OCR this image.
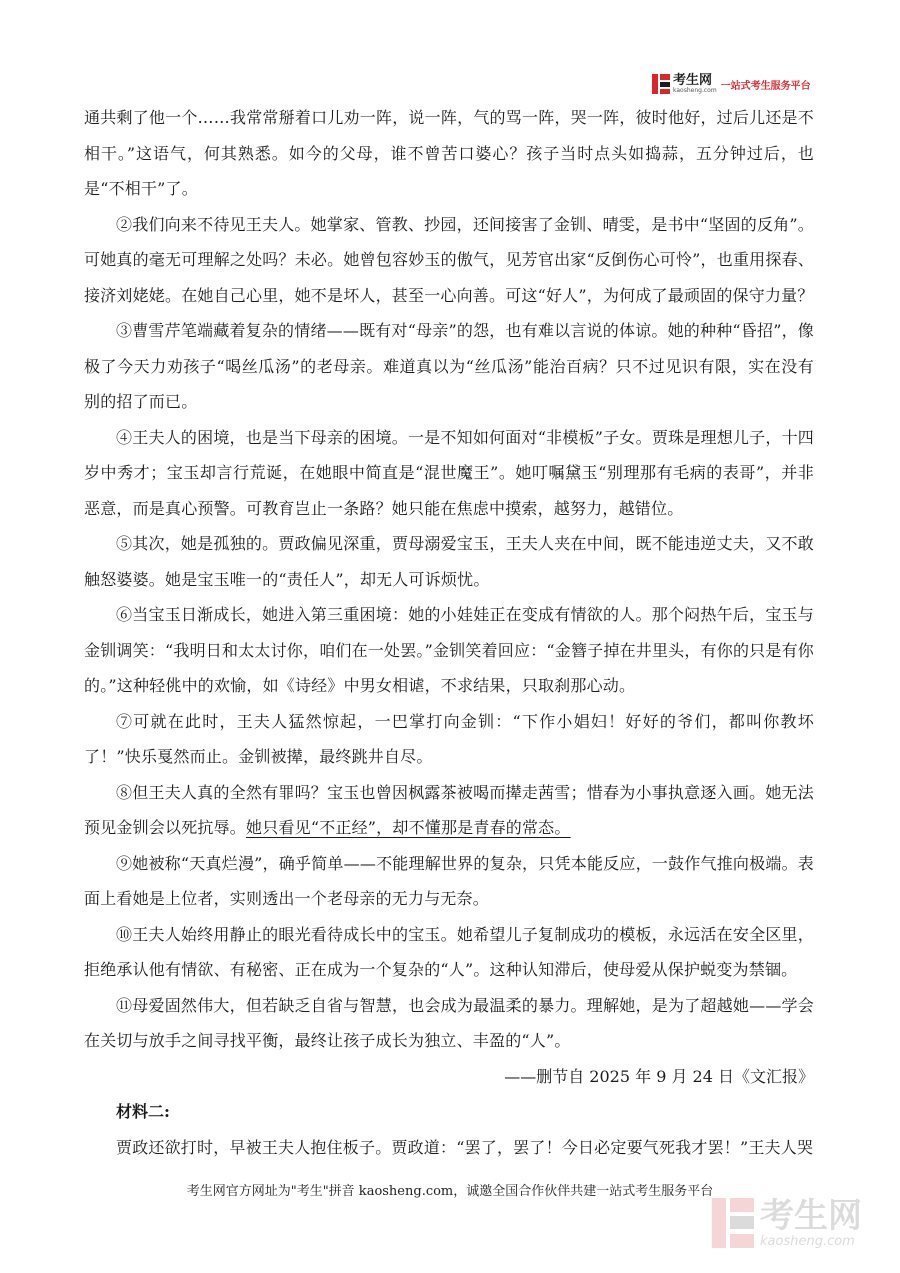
考生网
kaosheng.com 一站式考生服务平台

通共剩了他一个……我常常掰着口儿劝一阵，说一阵，气的骂一阵，哭一阵，彼时他好，过后儿还是不相干。”这语气，何其熟悉。如今的父母，谁不曾苦口婆心？孩子当时点头如捣蒜，五分钟过后，也是“不相干”了。

②我们向来不待见王夫人。她掌家、管教、抄园，还间接害了金钏、晴雯，是书中“坚固的反角”。可她真的毫无可理解之处吗？未必。她曾包容妙玉的傲气，见芳官出家“反倒伤心可怜”，也重用探春、接济刘姥姥。在她自己心里，她不是坏人，甚至一心向善。可这“好人”，为何成了最顽固的保守力量？

③曹雪芹笔端藏着复杂的情绪——既有对“母亲”的怨，也有难以言说的体谅。她的种种“昏招”，像极了今天力劝孩子“喝丝瓜汤”的老母亲。难道真以为“丝瓜汤”能治百病？只不过见识有限，实在没有别的招了而已。

④王夫人的困境，也是当下母亲的困境。一是不知如何面对“非模板”子女。贾珠是理想儿子，十四岁中秀才；宝玉却言行荒诞，在她眼中简直是“混世魔王”。她叮嘱黛玉“别理那有毛病的表哥”，并非恶意，而是真心预警。可教育岂止一条路？她只能在焦虑中摸索，越努力，越错位。

⑤其次，她是孤独的。贾政偏见深重，贾母溺爱宝玉，王夫人夹在中间，既不能违逆丈夫，又不敢触怒婆婆。她是宝玉唯一的“责任人”，却无人可诉烦忧。

⑥当宝玉日渐成长，她进入第三重困境：她的小娃娃正在变成有情欲的人。那个闷热午后，宝玉与金钏调笑：“我明日和太太讨你，咱们在一处罢。”金钏笑着回应：“金簪子掉在井里头，有你的只是有你的。”这种轻佻中的欢愉，如《诗经》中男女相谑，不求结果，只取刹那心动。

⑦可就在此时，王夫人猛然惊起，一巴掌打向金钏：“下作小娼妇！好好的爷们，都叫你教坏了！”快乐戛然而止。金钏被撵，最终跳井自尽。

⑧但王夫人真的全然有罪吗？宝玉也曾因枫露茶被喝而撵走茜雪；惜春为小事执意逐入画。她无法预见金钏会以死抗辱。她只看见“不正经”，却不懂那是青春的常态。

⑨她被称“天真烂漫”，确乎简单——不能理解世界的复杂，只凭本能反应，一鼓作气推向极端。表面上看她是上位者，实则透出一个老母亲的无力与无奈。

⑩王夫人始终用静止的眼光看待成长中的宝玉。她希望儿子复制成功的模板，永远活在安全区里，拒绝承认他有情欲、有秘密、正在成为一个复杂的“人”。这种认知滞后，使母爱从保护蜕变为禁锢。

⑪母爱固然伟大，但若缺乏自省与智慧，也会成为最温柔的暴力。理解她，是为了超越她——学会在关切与放手之间寻找平衡，最终让孩子成长为独立、丰盈的“人”。

——删节自 2025 年 9 月 24 日《文汇报》

材料二:

贾政还欲打时，早被王夫人抱住板子。贾政道：“罢了，罢了！今日必定要气死我才罢！”王夫人哭

考生网官方网址为"考生"拼音 kaosheng.com，诚邀全国合作伙伴共建一站式考生服务平台
考生网
kaosheng.com
